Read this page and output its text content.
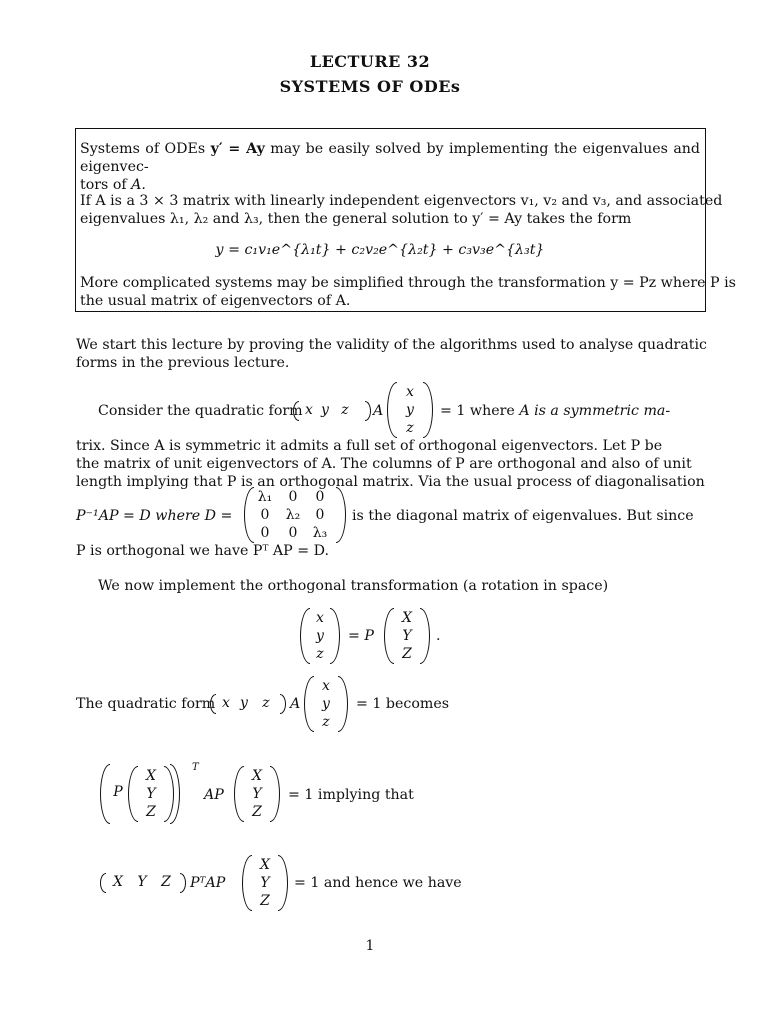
LECTURE 32
SYSTEMS OF ODEs
Systems of ODEs y′ = Ay may be easily solved by implementing the eigenvalues and eigenvec-
tors of A.
If A is a 3 × 3 matrix with linearly independent eigenvectors v₁, v₂ and v₃, and associated
eigenvalues λ₁, λ₂ and λ₃, then the general solution to y′ = Ay takes the form
y = c₁v₁e^{λ₁t} + c₂v₂e^{λ₂t} + c₃v₃e^{λ₃t}
More complicated systems may be simplified through the transformation y = Pz where P is
the usual matrix of eigenvectors of A.
We start this lecture by proving the validity of the algorithms used to analyse quadratic
forms in the previous lecture.
Consider the quadratic form x y z	A
x
y
z
= 1 where A is a symmetric ma-
trix. Since A is symmetric it admits a full set of orthogonal eigenvectors. Let P be
the matrix of unit eigenvectors of A. The columns of P are orthogonal and also of unit
length implying that P is an orthogonal matrix. Via the usual process of diagonalisation
P⁻¹AP = D where D =
λ₁	0	0
0	λ₂	0
0	0	λ₃
is the diagonal matrix of eigenvalues. But since
P is orthogonal we have Pᵀ AP = D.
We now implement the orthogonal transformation (a rotation in space)
x
y
z
= P
X
Y
Z
.
The quadratic form x y	z	A
x
y
z
= 1 becomes
P
X
Y
Z
T
AP
X
Y
Z
= 1 implying that
X	Y	Z	PᵀAP
X
Y
Z
= 1 and hence we have
1
